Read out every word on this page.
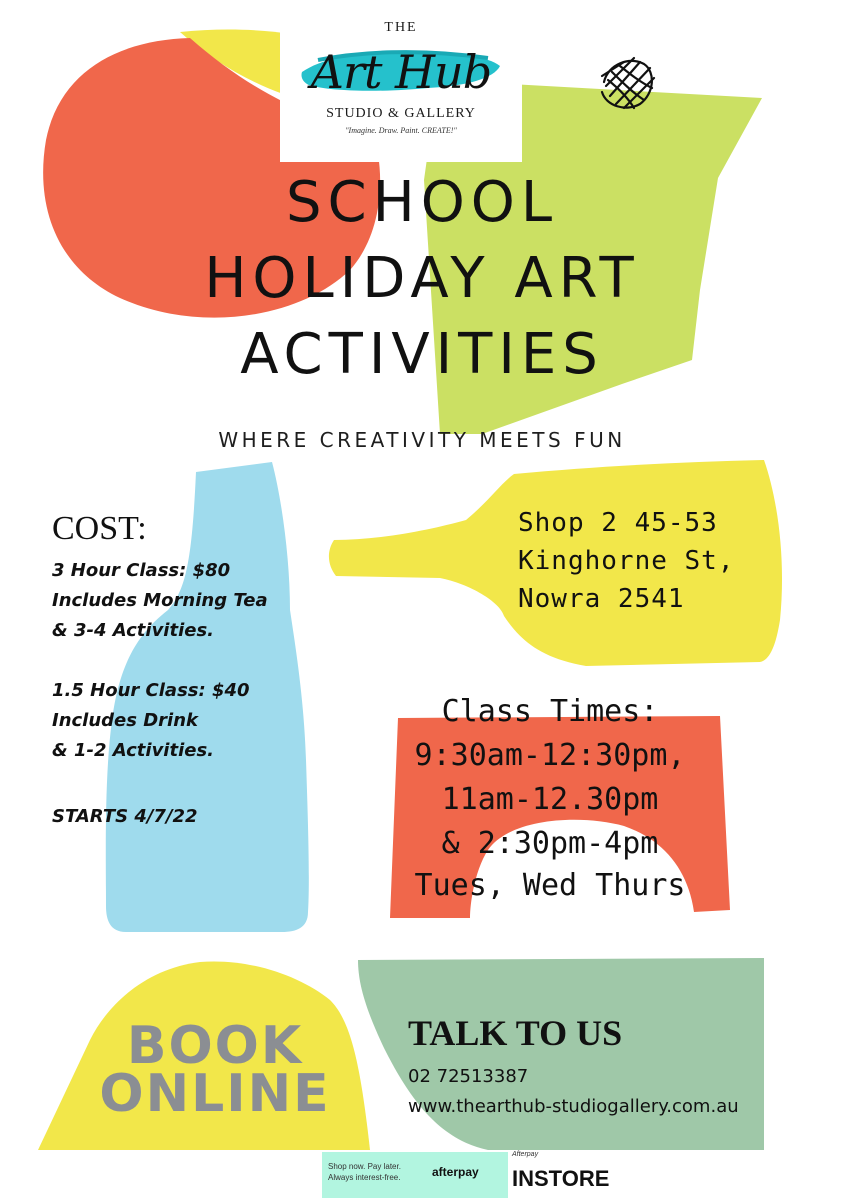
THE
Art Hub
STUDIO & GALLERY
"Imagine. Draw. Paint. CREATE!"
SCHOOL
HOLIDAY ART
ACTIVITIES
WHERE CREATIVITY MEETS FUN
COST:
3 Hour Class: $80
Includes Morning Tea
& 3-4 Activities.
1.5 Hour Class: $40
Includes Drink
& 1-2 Activities.
STARTS 4/7/22
Shop 2 45-53
Kinghorne St,
Nowra 2541
Class Times:
9:30am-12:30pm,
11am-12.30pm
& 2:30pm-4pm
Tues, Wed Thurs
BOOK
ONLINE
TALK TO US
02 72513387
www.thearthub-studiogallery.com.au
Shop now. Pay later.
Always interest-free.	afterpay
Afterpay
INSTORE
